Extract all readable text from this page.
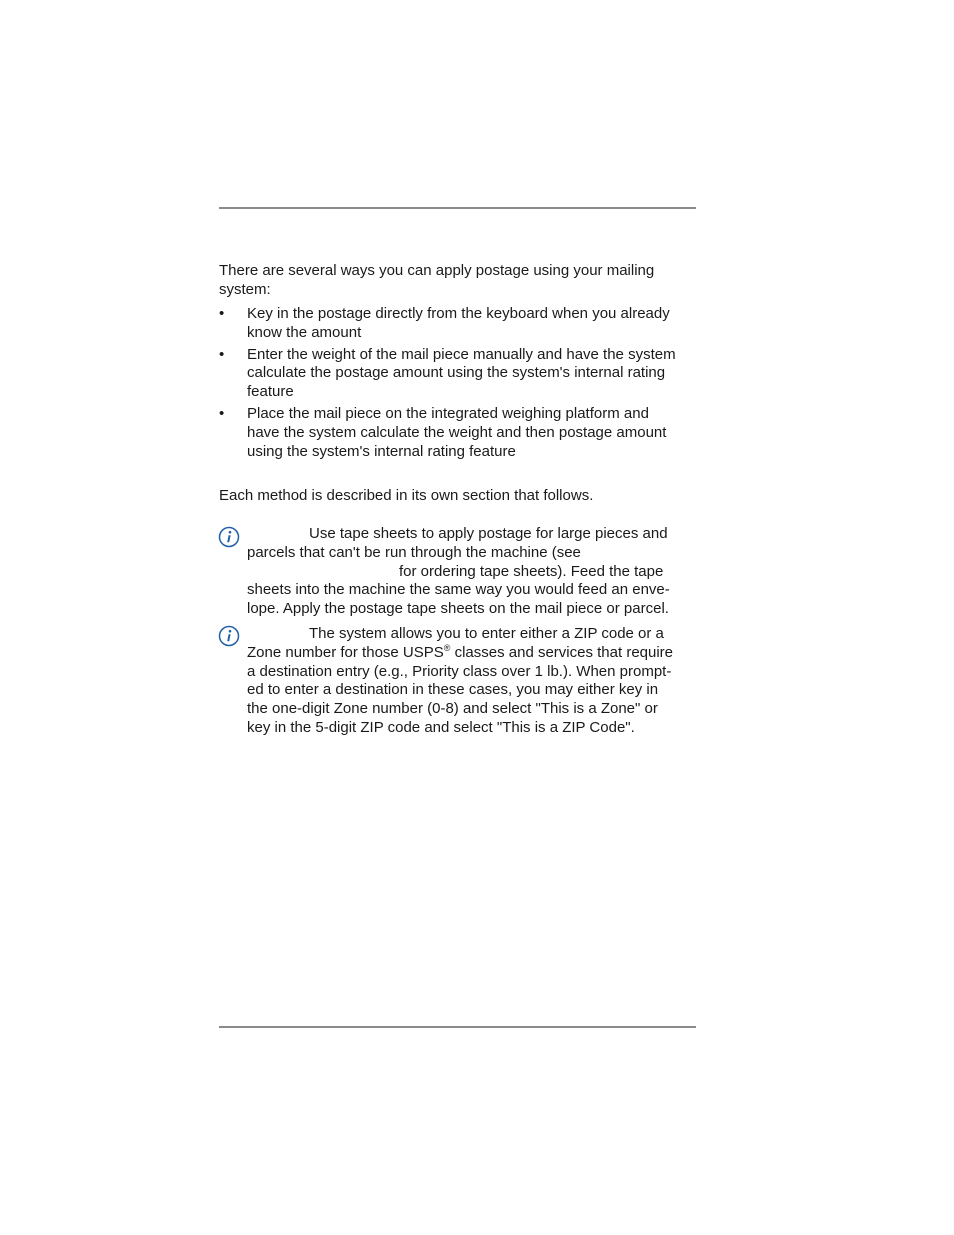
There are several ways you can apply postage using your mailing
system:
• Key in the postage directly from the keyboard when you already
know the amount
• Enter the weight of the mail piece manually and have the system
calculate the postage amount using the system's internal rating
feature
• Place the mail piece on the integrated weighing platform and
have the system calculate the weight and then postage amount
using the system's internal rating feature
Each method is described in its own section that follows.
Use tape sheets to apply postage for large pieces and
parcels that can't be run through the machine (see
for ordering tape sheets). Feed the tape
sheets into the machine the same way you would feed an enve-
lope. Apply the postage tape sheets on the mail piece or parcel.
The system allows you to enter either a ZIP code or a
Zone number for those USPS® classes and services that require
a destination entry (e.g., Priority class over 1 lb.). When prompt-
ed to enter a destination in these cases, you may either key in
the one-digit Zone number (0-8) and select "This is a Zone" or
key in the 5-digit ZIP code and select "This is a ZIP Code".
